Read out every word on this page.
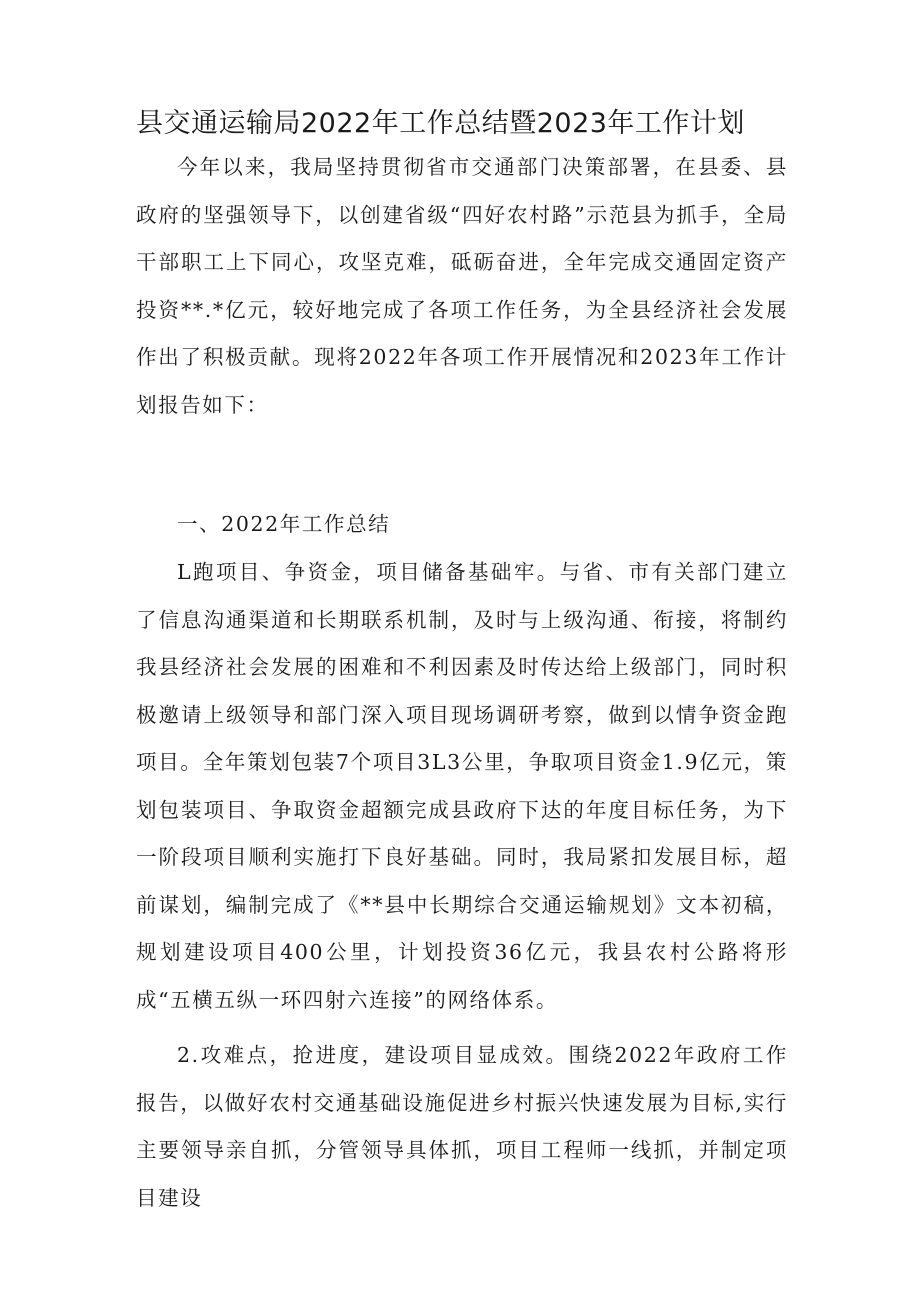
县交通运输局2022年工作总结暨2023年工作计划

今年以来，我局坚持贯彻省市交通部门决策部署，在县委、县政府的坚强领导下，以创建省级“四好农村路”示范县为抓手，全局干部职工上下同心，攻坚克难，砥砺奋进，全年完成交通固定资产投资**.*亿元，较好地完成了各项工作任务，为全县经济社会发展作出了积极贡献。现将2022年各项工作开展情况和2023年工作计划报告如下：

一、2022年工作总结

L跑项目、争资金，项目储备基础牢。与省、市有关部门建立了信息沟通渠道和长期联系机制，及时与上级沟通、衔接，将制约我县经济社会发展的困难和不利因素及时传达给上级部门，同时积极邀请上级领导和部门深入项目现场调研考察，做到以情争资金跑项目。全年策划包装7个项目3L3公里，争取项目资金1.9亿元，策划包装项目、争取资金超额完成县政府下达的年度目标任务，为下一阶段项目顺利实施打下良好基础。同时，我局紧扣发展目标，超前谋划，编制完成了《**县中长期综合交通运输规划》文本初稿，规划建设项目400公里，计划投资36亿元，我县农村公路将形成“五横五纵一环四射六连接”的网络体系。

2.攻难点，抢进度，建设项目显成效。围绕2022年政府工作报告，以做好农村交通基础设施促进乡村振兴快速发展为目标,实行主要领导亲自抓，分管领导具体抓，项目工程师一线抓，并制定项目建设
